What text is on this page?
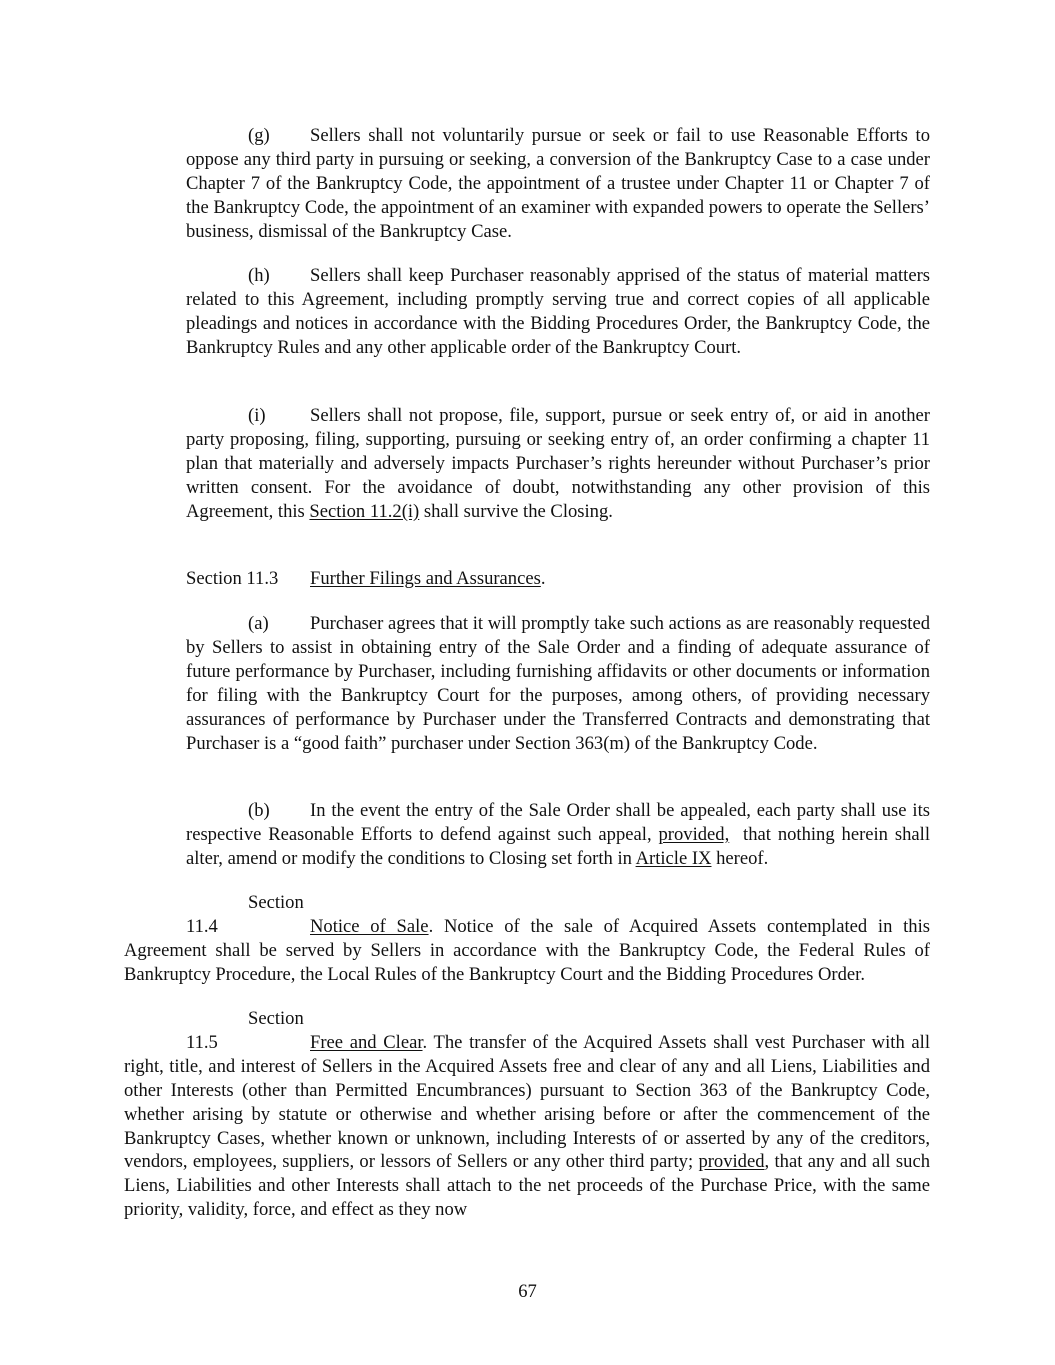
(g) Sellers shall not voluntarily pursue or seek or fail to use Reasonable Efforts to oppose any third party in pursuing or seeking, a conversion of the Bankruptcy Case to a case under Chapter 7 of the Bankruptcy Code, the appointment of a trustee under Chapter 11 or Chapter 7 of the Bankruptcy Code, the appointment of an examiner with expanded powers to operate the Sellers’ business, dismissal of the Bankruptcy Case.

(h) Sellers shall keep Purchaser reasonably apprised of the status of material matters related to this Agreement, including promptly serving true and correct copies of all applicable pleadings and notices in accordance with the Bidding Procedures Order, the Bankruptcy Code, the Bankruptcy Rules and any other applicable order of the Bankruptcy Court.

(i) Sellers shall not propose, file, support, pursue or seek entry of, or aid in another party proposing, filing, supporting, pursuing or seeking entry of, an order confirming a chapter 11 plan that materially and adversely impacts Purchaser’s rights hereunder without Purchaser’s prior written consent. For the avoidance of doubt, notwithstanding any other provision of this Agreement, this Section 11.2(i) shall survive the Closing.

Section 11.3 Further Filings and Assurances.

(a) Purchaser agrees that it will promptly take such actions as are reasonably requested by Sellers to assist in obtaining entry of the Sale Order and a finding of adequate assurance of future performance by Purchaser, including furnishing affidavits or other documents or information for filing with the Bankruptcy Court for the purposes, among others, of providing necessary assurances of performance by Purchaser under the Transferred Contracts and demonstrating that Purchaser is a “good faith” purchaser under Section 363(m) of the Bankruptcy Code.

(b) In the event the entry of the Sale Order shall be appealed, each party shall use its respective Reasonable Efforts to defend against such appeal, provided,  that nothing herein shall alter, amend or modify the conditions to Closing set forth in Article IX hereof.

Section 11.4	Notice of Sale. Notice of the sale of Acquired Assets contemplated in this Agreement shall be served by Sellers in accordance with the Bankruptcy Code, the Federal Rules of Bankruptcy Procedure, the Local Rules of the Bankruptcy Court and the Bidding Procedures Order.

Section 11.5	Free and Clear. The transfer of the Acquired Assets shall vest Purchaser with all right, title, and interest of Sellers in the Acquired Assets free and clear of any and all Liens, Liabilities and other Interests (other than Permitted Encumbrances) pursuant to Section 363 of the Bankruptcy Code, whether arising by statute or otherwise and whether arising before or after the commencement of the Bankruptcy Cases, whether known or unknown, including Interests of or asserted by any of the creditors, vendors, employees, suppliers, or lessors of Sellers or any other third party; provided, that any and all such Liens, Liabilities and other Interests shall attach to the net proceeds of the Purchase Price, with the same priority, validity, force, and effect as they now

67
